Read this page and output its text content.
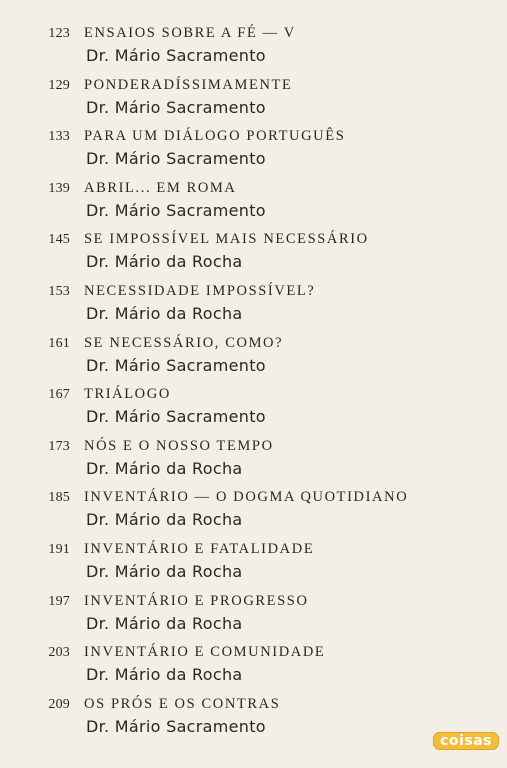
123 ENSAIOS SOBRE A FÉ — V
Dr. Mário Sacramento
129 PONDERADÍSSIMAMENTE
Dr. Mário Sacramento
133 PARA UM DIÁLOGO PORTUGUÊS
Dr. Mário Sacramento
139 ABRIL... EM ROMA
Dr. Mário Sacramento
145 SE IMPOSSÍVEL MAIS NECESSÁRIO
Dr. Mário da Rocha
153 NECESSIDADE IMPOSSÍVEL?
Dr. Mário da Rocha
161 SE NECESSÁRIO, COMO?
Dr. Mário Sacramento
167 TRIÁLOGO
Dr. Mário Sacramento
173 NÓS E O NOSSO TEMPO
Dr. Mário da Rocha
185 INVENTÁRIO — O DOGMA QUOTIDIANO
Dr. Mário da Rocha
191 INVENTÁRIO E FATALIDADE
Dr. Mário da Rocha
197 INVENTÁRIO E PROGRESSO
Dr. Mário da Rocha
203 INVENTÁRIO E COMUNIDADE
Dr. Mário da Rocha
209 OS PRÓS E OS CONTRAS
Dr. Mário Sacramento
coisas
